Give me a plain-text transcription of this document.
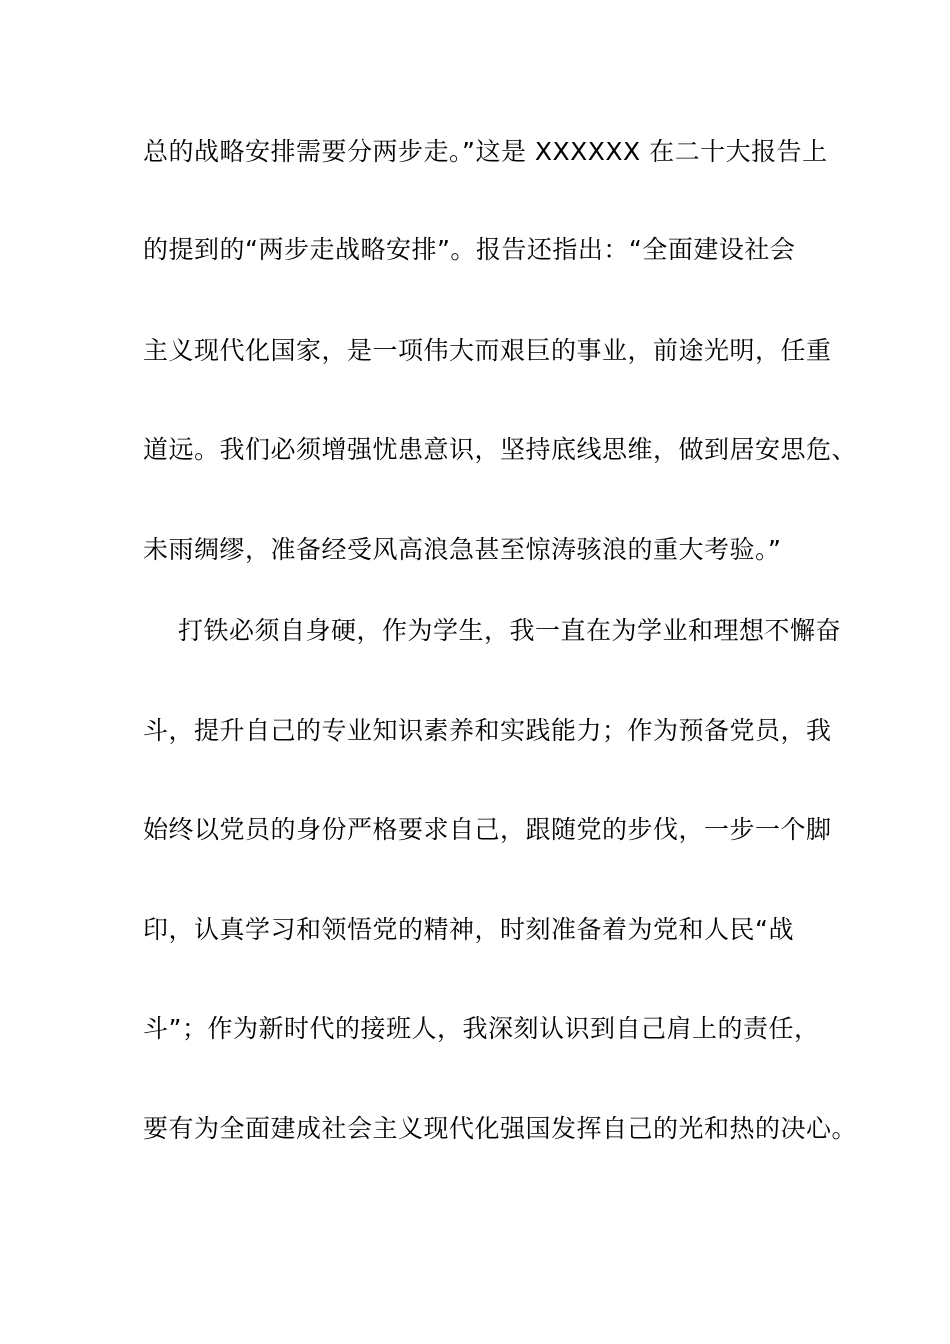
总的战略安排需要分两步走。”这是 XXXXXX 在二十大报告上
的提到的“两步走战略安排”。报告还指出：“全面建设社会
主义现代化国家，是一项伟大而艰巨的事业，前途光明，任重
道远。我们必须增强忧患意识，坚持底线思维，做到居安思危、
未雨绸缪，准备经受风高浪急甚至惊涛骇浪的重大考验。”
打铁必须自身硬，作为学生，我一直在为学业和理想不懈奋
斗，提升自己的专业知识素养和实践能力；作为预备党员，我
始终以党员的身份严格要求自己，跟随党的步伐，一步一个脚
印，认真学习和领悟党的精神，时刻准备着为党和人民“战
斗”；作为新时代的接班人，我深刻认识到自己肩上的责任，
要有为全面建成社会主义现代化强国发挥自己的光和热的决心。
